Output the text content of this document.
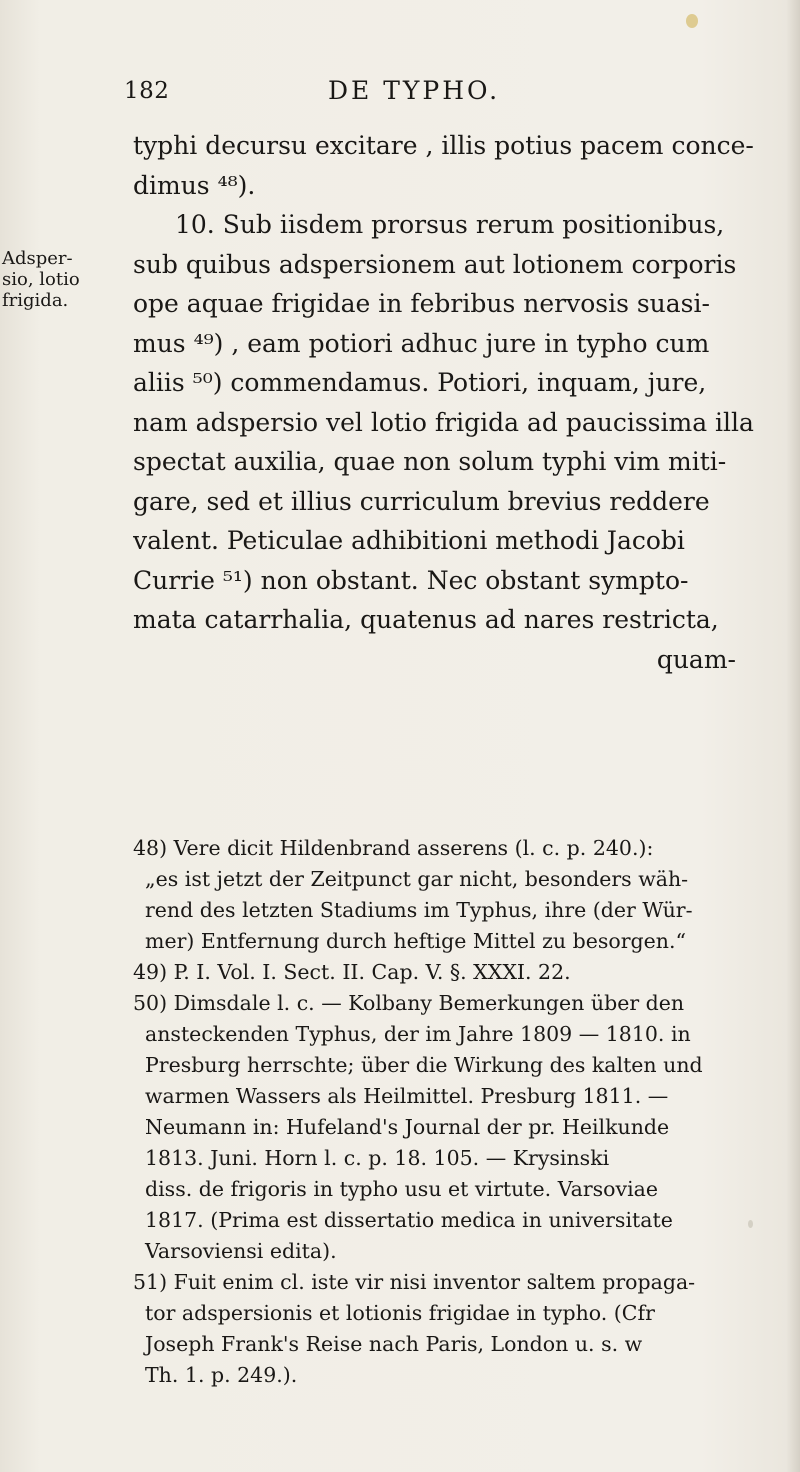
182	DE TYPHO.
Adsper-
sio, lotio
frigida.
typhi decursu excitare , illis potius pacem conce-
dimus ⁴⁸).
10. Sub iisdem prorsus rerum positionibus,
sub quibus adspersionem aut lotionem corporis
ope aquae frigidae in febribus nervosis suasi-
mus ⁴⁹) , eam potiori adhuc jure in typho cum
aliis ⁵⁰) commendamus. Potiori, inquam, jure,
nam adspersio vel lotio frigida ad paucissima illa
spectat auxilia, quae non solum typhi vim miti-
gare, sed et illius curriculum brevius reddere
valent. Peticulae adhibitioni methodi Jacobi
Currie ⁵¹) non obstant. Nec obstant sympto-
mata catarrhalia, quatenus ad nares restricta,
quam-
48) Vere dicit Hildenbrand asserens (l. c. p. 240.):
„es ist jetzt der Zeitpunct gar nicht, besonders wäh-
rend des letzten Stadiums im Typhus, ihre (der Wür-
mer) Entfernung durch heftige Mittel zu besorgen.“
49) P. I. Vol. I. Sect. II. Cap. V. §. XXXI. 22.
50) Dimsdale l. c. — Kolbany Bemerkungen über den
ansteckenden Typhus, der im Jahre 1809 — 1810. in
Presburg herrschte; über die Wirkung des kalten und
warmen Wassers als Heilmittel. Presburg 1811. —
Neumann in: Hufeland's Journal der pr. Heilkunde
1813. Juni. Horn l. c. p. 18. 105. — Krysinski
diss. de frigoris in typho usu et virtute. Varsoviae
1817. (Prima est dissertatio medica in universitate
Varsoviensi edita).
51) Fuit enim cl. iste vir nisi inventor saltem propaga-
tor adspersionis et lotionis frigidae in typho. (Cfr
Joseph Frank's Reise nach Paris, London u. s. w
Th. 1. p. 249.).
